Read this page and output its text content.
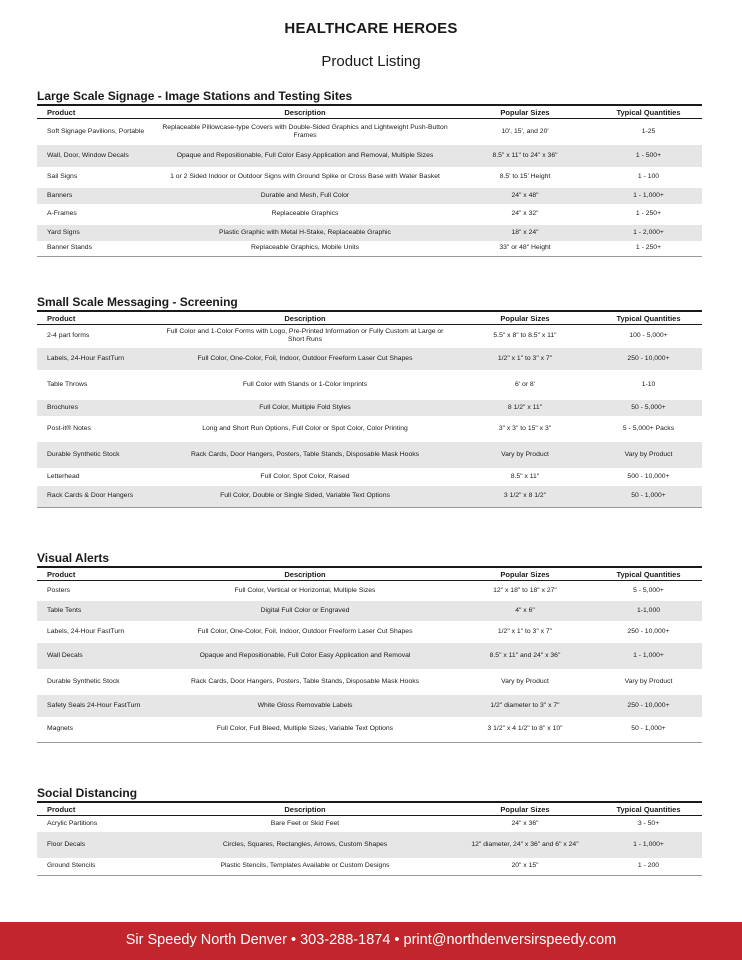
HEALTHCARE HEROES
Product Listing
Large Scale Signage - Image Stations and Testing Sites
Product	Description	Popular Sizes	Typical Quantities
Soft Signage Pavilions, Portable	Replaceable Pillowcase-type Covers with Double-Sided Graphics and Lightweight Push-Button Frames	10', 15', and 20'	1-25
Wall, Door, Window Decals	Opaque and Repositionable, Full Color Easy Application and Removal, Multiple Sizes	8.5" x 11" to 24" x 36"	1 - 500+
Sail Signs	1 or 2 Sided Indoor or Outdoor Signs with Ground Spike or Cross Base with Water Basket	8.5' to 15' Height	1 - 100
Banners	Durable and Mesh, Full Color	24" x 48"	1 - 1,000+
A-Frames	Replaceable Graphics	24" x 32"	1 - 250+
Yard Signs	Plastic Graphic with Metal H-Stake, Replaceable Graphic	18" x 24"	1 - 2,000+
Banner Stands	Replaceable Graphics, Mobile Units	33" or 48" Height	1 - 250+
Small Scale Messaging - Screening
Product	Description	Popular Sizes	Typical Quantities
2-4 part forms	Full Color and 1-Color Forms with Logo, Pre-Printed Information or Fully Custom at Large or Short Runs	5.5" x 8" to 8.5" x 11"	100 - 5,000+
Labels, 24-Hour FastTurn	Full Color, One-Color, Foil, Indoor, Outdoor Freeform Laser Cut Shapes	1/2" x 1" to 3" x 7"	250 - 10,000+
Table Throws	Full Color with Stands or 1-Color Imprints	6' or 8'	1-10
Brochures	Full Color, Multiple Fold Styles	8 1/2" x 11"	50 - 5,000+
Post-it® Notes	Long and Short Run Options, Full Color or Spot Color, Color Printing	3" x 3" to 15" x 3"	5 - 5,000+ Packs
Durable Synthetic Stock	Rack Cards, Door Hangers, Posters, Table Stands, Disposable Mask Hooks	Vary by Product	Vary by Product
Letterhead	Full Color, Spot Color, Raised	8.5" x 11"	500 - 10,000+
Rack Cards & Door Hangers	Full Color, Double or Single Sided, Variable Text Options	3 1/2" x 8 1/2"	50 - 1,000+
Visual Alerts
Product	Description	Popular Sizes	Typical Quantities
Posters	Full Color, Vertical or Horizontal, Multiple Sizes	12" x 18" to 18" x 27"	5 - 5,000+
Table Tents	Digital Full Color or Engraved	4" x 6"	1-1,000
Labels, 24-Hour FastTurn	Full Color, One-Color, Foil, Indoor, Outdoor Freeform Laser Cut Shapes	1/2" x 1" to 3" x 7"	250 - 10,000+
Wall Decals	Opaque and Repositionable, Full Color Easy Application and Removal	8.5" x 11" and 24" x 36"	1 - 1,000+
Durable Synthetic Stock	Rack Cards, Door Hangers, Posters, Table Stands, Disposable Mask Hooks	Vary by Product	Vary by Product
Safety Seals 24-Hour FastTurn	White Gloss Removable Labels	1/2" diameter to 3" x 7"	250 - 10,000+
Magnets	Full Color, Full Bleed, Multiple Sizes, Variable Text Options	3 1/2" x 4 1/2" to 8" x 10"	50 - 1,000+
Social Distancing
Product	Description	Popular Sizes	Typical Quantities
Acrylic Partitions	Bare Feet or Skid Feet	24" x 36"	3 - 50+
Floor Decals	Circles, Squares, Rectangles, Arrows, Custom Shapes	12" diameter, 24" x 36" and 6" x 24"	1 - 1,000+
Ground Stencils	Plastic Stencils, Templates Available or Custom Designs	20" x 15"	1 - 200
Sir Speedy North Denver • 303-288-1874 • print@northdenversirspeedy.com
